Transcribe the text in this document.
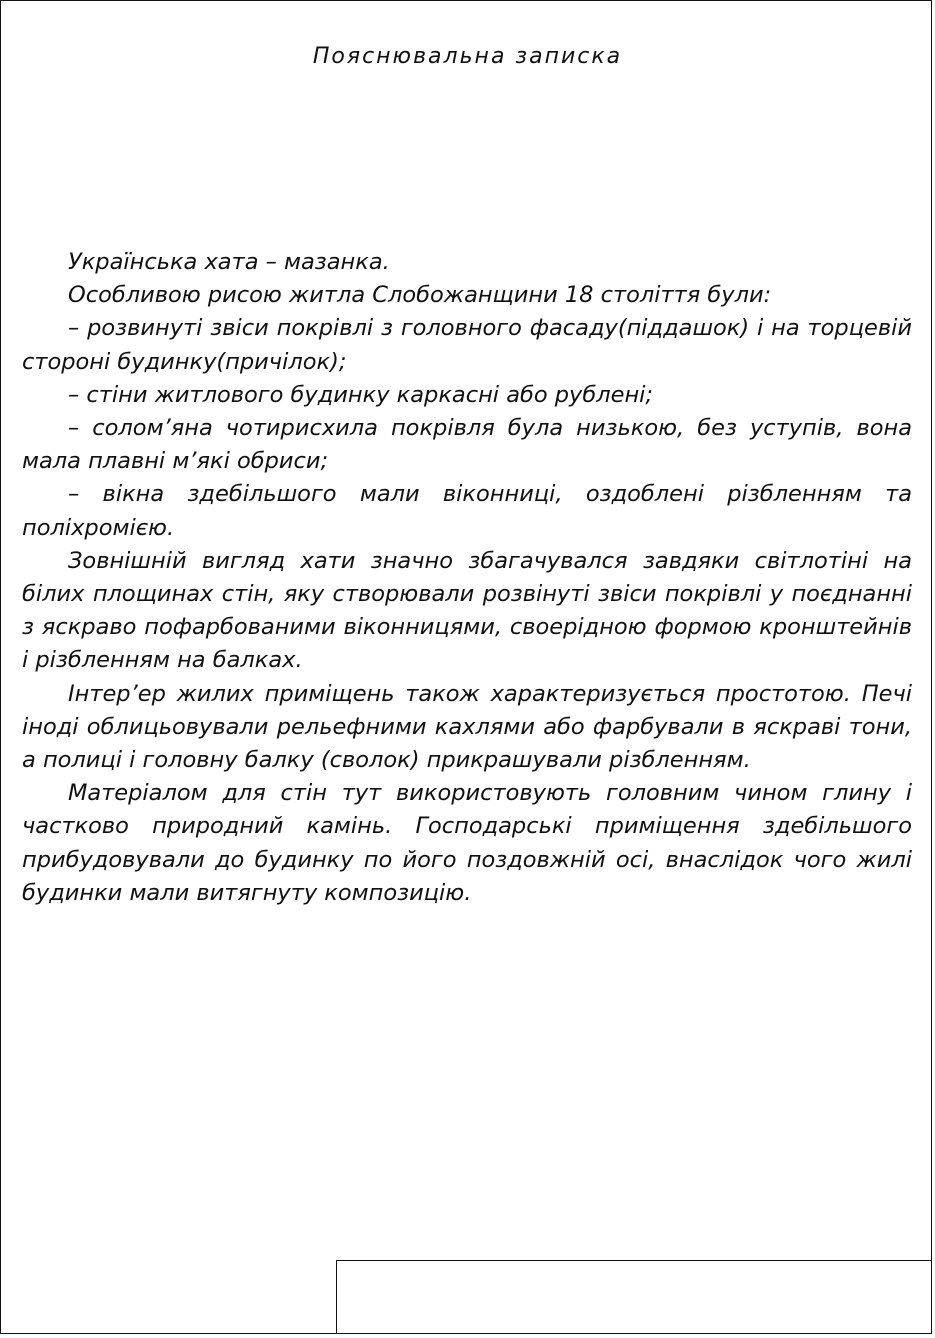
Пояснювальна записка

Українська хата – мазанка.

Особливою рисою житла Слобожанщини 18 століття були:

– розвинуті звіси покрівлі з головного фасаду(піддашок) і на торцевій стороні будинку(причілок);

– стіни житлового будинку каркасні або рублені;

– солом’яна чотирисхила покрівля була низькою, без уступів, вона мала плавні м’які обриси;

– вікна здебільшого мали віконниці, оздоблені різбленням та поліхромією.

Зовнішній вигляд хати значно збагачувался завдяки світлотіні на білих площинах стін, яку створювали розвінуті звіси покрівлі у поєднанні з яскраво пофарбованими віконницями, своерідною формою кронштейнів і різбленням на балках.

Інтер’ер жилих приміщень також характеризується простотою. Печі іноді облицьовували рельефними кахлями або фарбували в яскраві тони, а полиці і головну балку (сволок) прикрашували різбленням.

Матеріалом для стін тут використовують головним чином глину і частково природний камінь. Господарські приміщення здебільшого прибудовували до будинку по його поздовжній осі, внаслідок чого жилі будинки мали витягнуту композицію.
